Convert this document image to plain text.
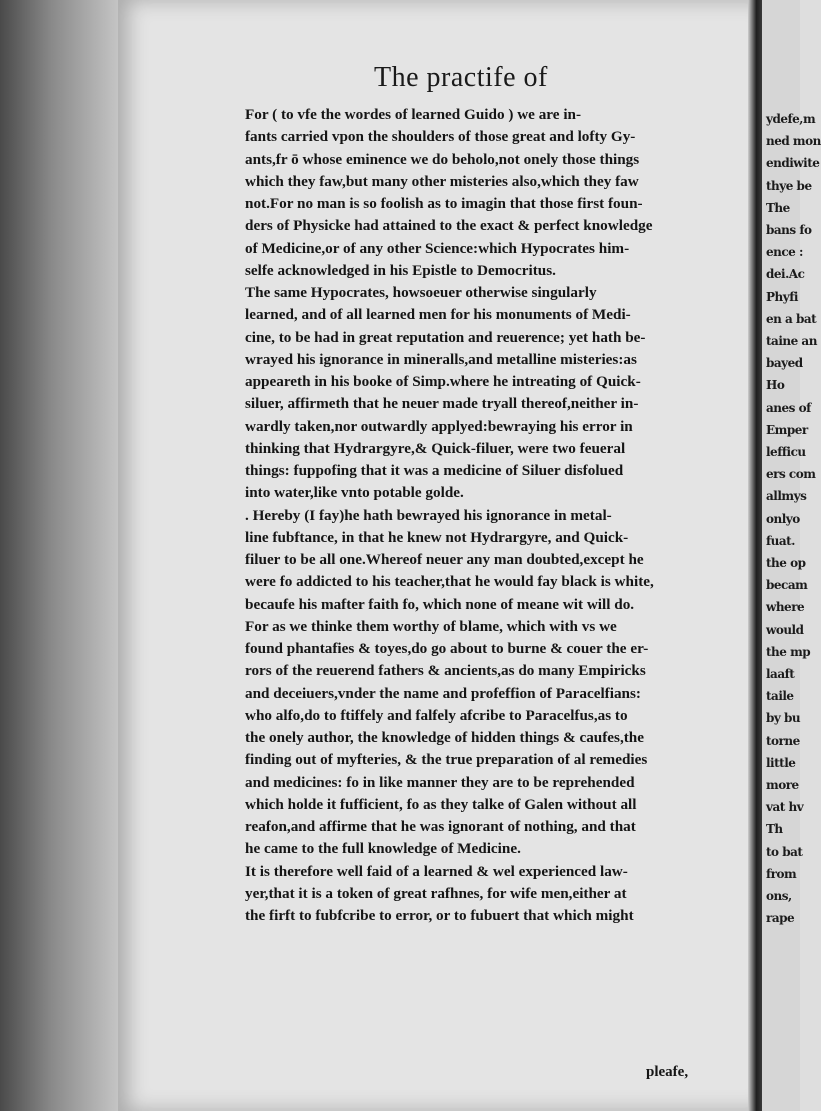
ydefe,m
ned mon
endiwite
thye be
The
bans fo
ence :
dei.Ac
Phyfi
en a bat
taine an
bayed
Ho
anes of
Emper
lefficu
ers com
allmys
onlyo
fuat.
the op
becam
where
would
the mp
laaft
taile
by bu
torne
little
more
vat hv
Th
to bat
from
ons,
rape
The practife of
For ( to vfe the wordes of learned Guido ) we are in-
fants carried vpon the shoulders of those great and lofty Gy-
ants,fr ō whose eminence we do beholo,not onely those things
which they faw,but many other misteries also,which they faw
not.For no man is so foolish as to imagin that those first foun-
ders of Physicke had attained to the exact & perfect knowledge
of Medicine,or of any other Science:which Hypocrates him-
selfe acknowledged in his Epistle to Democritus.
The same Hypocrates, howsoeuer otherwise singularly
learned, and of all learned men for his monuments of Medi-
cine, to be had in great reputation and reuerence; yet hath be-
wrayed his ignorance in mineralls,and metalline misteries:as
appeareth in his booke of Simp.where he intreating of Quick-
siluer, affirmeth that he neuer made tryall thereof,neither in-
wardly taken,nor outwardly applyed:bewraying his error in
thinking that Hydrargyre,& Quick-filuer, were two feueral
things: fuppofing that it was a medicine of Siluer disfolued
into water,like vnto potable golde.
. Hereby (I fay)he hath bewrayed his ignorance in metal-
line fubftance, in that he knew not Hydrargyre, and Quick-
filuer to be all one.Whereof neuer any man doubted,except he
were fo addicted to his teacher,that he would fay black is white,
becaufe his mafter faith fo, which none of meane wit will do.
For as we thinke them worthy of blame, which with vs we
found phantafies & toyes,do go about to burne & couer the er-
rors of the reuerend fathers & ancients,as do many Empiricks
and deceiuers,vnder the name and profeffion of Paracelfians:
who alfo,do to ftiffely and falfely afcribe to Paracelfus,as to
the onely author, the knowledge of hidden things & caufes,the
finding out of myfteries, & the true preparation of al remedies
and medicines: fo in like manner they are to be reprehended
which holde it fufficient, fo as they talke of Galen without all
reafon,and affirme that he was ignorant of nothing, and that
he came to the full knowledge of Medicine.
It is therefore well faid of a learned & wel experienced law-
yer,that it is a token of great rafhnes, for wife men,either at
the firft to fubfcribe to error, or to fubuert that which might
pleafe,
